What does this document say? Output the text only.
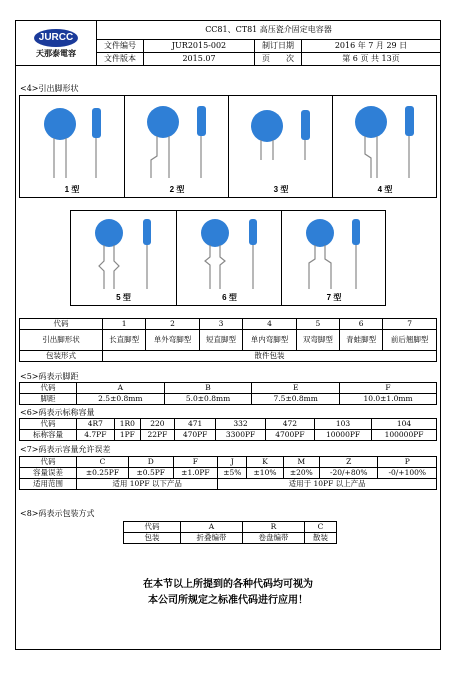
JURCC
天那泰電容	CC81、CT81 高压瓷介固定电容器			
	文件编号	JUR2015-002	制订日期	2016 年 7 月 29 日
	文件版本	2015.07	页　　次	第 6 页 共 13页
<4>引出脚形状
1 型	2 型	3 型	4 型
5 型	6 型	7 型
代码	1	2	3	4	5	6	7
引出脚形状	长直脚型	单外弯脚型	短直脚型	单内弯脚型	双弯脚型	青蛙脚型	前后翘脚型
包装形式	散件包装						
<5>码表示脚距
代码	A	B	E	F
脚距	2.5±0.8mm	5.0±0.8mm	7.5±0.8mm	10.0±1.0mm
<6>码表示标称容量
代码	4R7	1R0	220	471	332	472	103	104
标称容量	4.7PF	1PF	22PF	470PF	3300PF	4700PF	10000PF	100000PF
<7>码表示容量允许误差
代码	C	D	F	J	K	M	Z	P
容量误差	±0.25PF	±0.5PF	±1.0PF	±5%	±10%	±20%	-20/+80%	-0/+100%
适用范围	适用 10PF 以下产品			适用于 10PF 以上产品				
<8>码表示包装方式
代码	A	R	C
包装	折叠编带	卷盘编带	散装
在本节以上所提到的各种代码均可视为
本公司所规定之标准代码进行应用！
